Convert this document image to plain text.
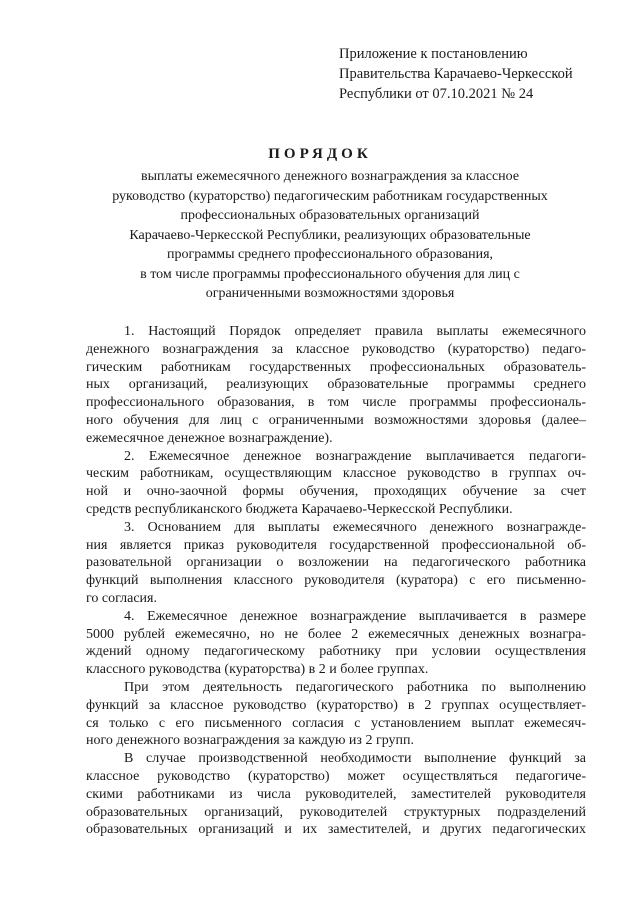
Приложение к постановлению
Правительства Карачаево-Черкесской
Республики от 07.10.2021 № 24
ПОРЯДОК
выплаты ежемесячного денежного вознаграждения за классное
руководство (кураторство) педагогическим работникам государственных
профессиональных образовательных организаций
Карачаево-Черкесской Республики, реализующих образовательные
программы среднего профессионального образования,
в том числе программы профессионального обучения для лиц с
ограниченными возможностями здоровья
1. Настоящий Порядок определяет правила выплаты ежемесячного
денежного вознаграждения за классное руководство (кураторство) педаго-
гическим работникам государственных профессиональных образователь-
ных организаций, реализующих образовательные программы среднего
профессионального образования, в том числе программы профессиональ-
ного обучения для лиц с ограниченными возможностями здоровья (далее–
ежемесячное денежное вознаграждение).
2. Ежемесячное денежное вознаграждение выплачивается педагоги-
ческим работникам, осуществляющим классное руководство в группах оч-
ной и очно-заочной формы обучения, проходящих обучение за счет
средств республиканского бюджета Карачаево-Черкесской Республики.
3. Основанием для выплаты ежемесячного денежного вознагражде-
ния является приказ руководителя государственной профессиональной об-
разовательной организации о возложении на педагогического работника
функций выполнения классного руководителя (куратора) с его письменно-
го согласия.
4. Ежемесячное денежное вознаграждение выплачивается в размере
5000 рублей ежемесячно, но не более 2 ежемесячных денежных вознагра-
ждений одному педагогическому работнику при условии осуществления
классного руководства (кураторства) в 2 и более группах.
При этом деятельность педагогического работника по выполнению
функций за классное руководство (кураторство) в 2 группах осуществляет-
ся только с его письменного согласия с установлением выплат ежемесяч-
ного денежного вознаграждения за каждую из 2 групп.
В случае производственной необходимости выполнение функций за
классное руководство (кураторство) может осуществляться педагогиче-
скими работниками из числа руководителей, заместителей руководителя
образовательных организаций, руководителей структурных подразделений
образовательных организаций и их заместителей, и других педагогических
